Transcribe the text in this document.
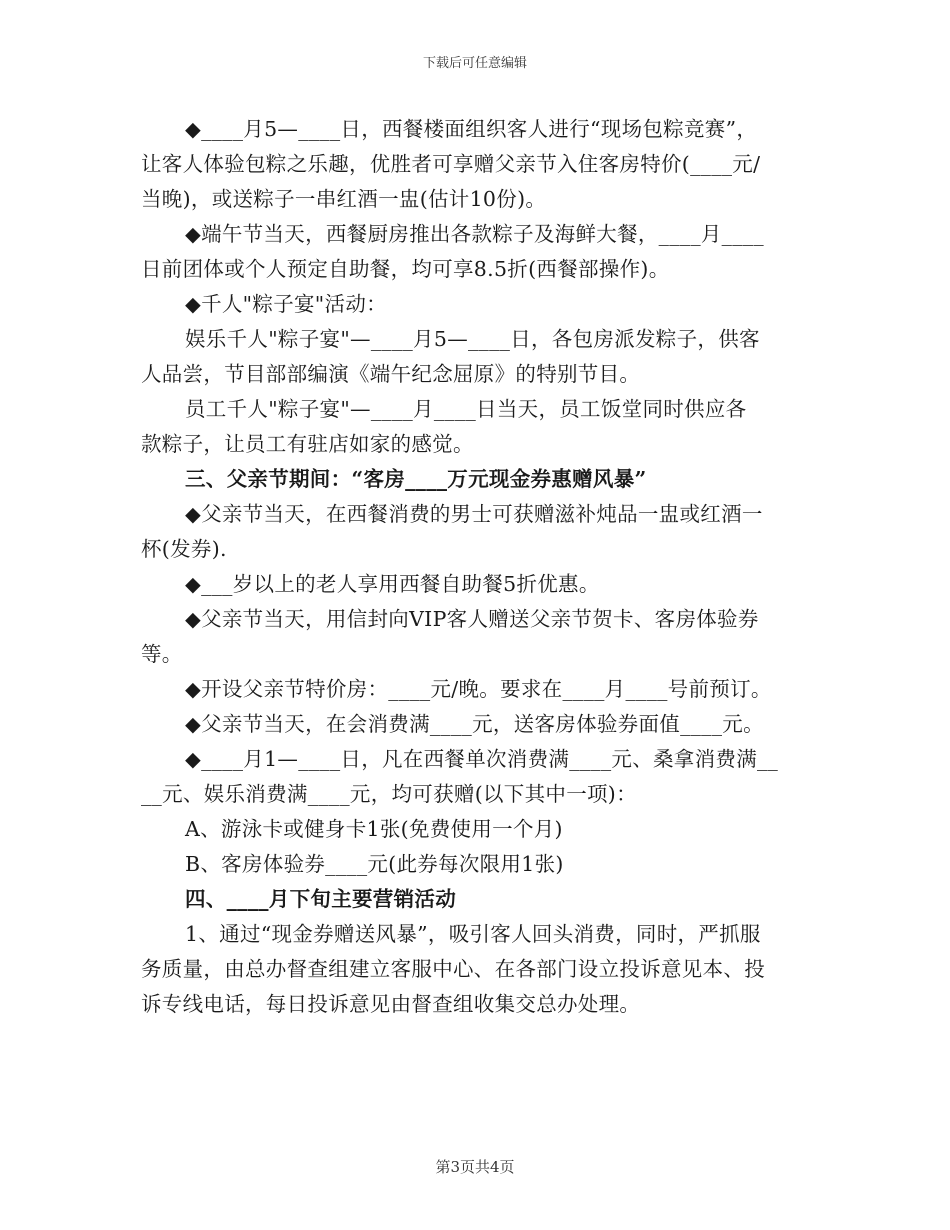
下载后可任意编辑
◆____月5—____日，西餐楼面组织客人进行“现场包粽竞赛”，
让客人体验包粽之乐趣，优胜者可享赠父亲节入住客房特价(____元/
当晚)，或送粽子一串红酒一盅(估计10份)。
◆端午节当天，西餐厨房推出各款粽子及海鲜大餐，____月____
日前团体或个人预定自助餐，均可享8.5折(西餐部操作)。
◆千人"粽子宴"活动：
娱乐千人"粽子宴"—____月5—____日，各包房派发粽子，供客
人品尝，节目部部编演《端午纪念屈原》的特别节目。
员工千人"粽子宴"—____月____日当天，员工饭堂同时供应各
款粽子，让员工有驻店如家的感觉。
三、父亲节期间：“客房____万元现金券惠赠风暴”
◆父亲节当天，在西餐消费的男士可获赠滋补炖品一盅或红酒一
杯(发券).
◆___岁以上的老人享用西餐自助餐5折优惠。
◆父亲节当天，用信封向VIP客人赠送父亲节贺卡、客房体验券
等。
◆开设父亲节特价房：____元/晚。要求在____月____号前预订。
◆父亲节当天，在会消费满____元，送客房体验券面值____元。
◆____月1—____日，凡在西餐单次消费满____元、桑拿消费满__
__元、娱乐消费满____元，均可获赠(以下其中一项)：
A、游泳卡或健身卡1张(免费使用一个月)
B、客房体验券____元(此券每次限用1张)
四、____月下旬主要营销活动
1、通过“现金券赠送风暴”，吸引客人回头消费，同时，严抓服
务质量，由总办督查组建立客服中心、在各部门设立投诉意见本、投
诉专线电话，每日投诉意见由督查组收集交总办处理。
第3页共4页
